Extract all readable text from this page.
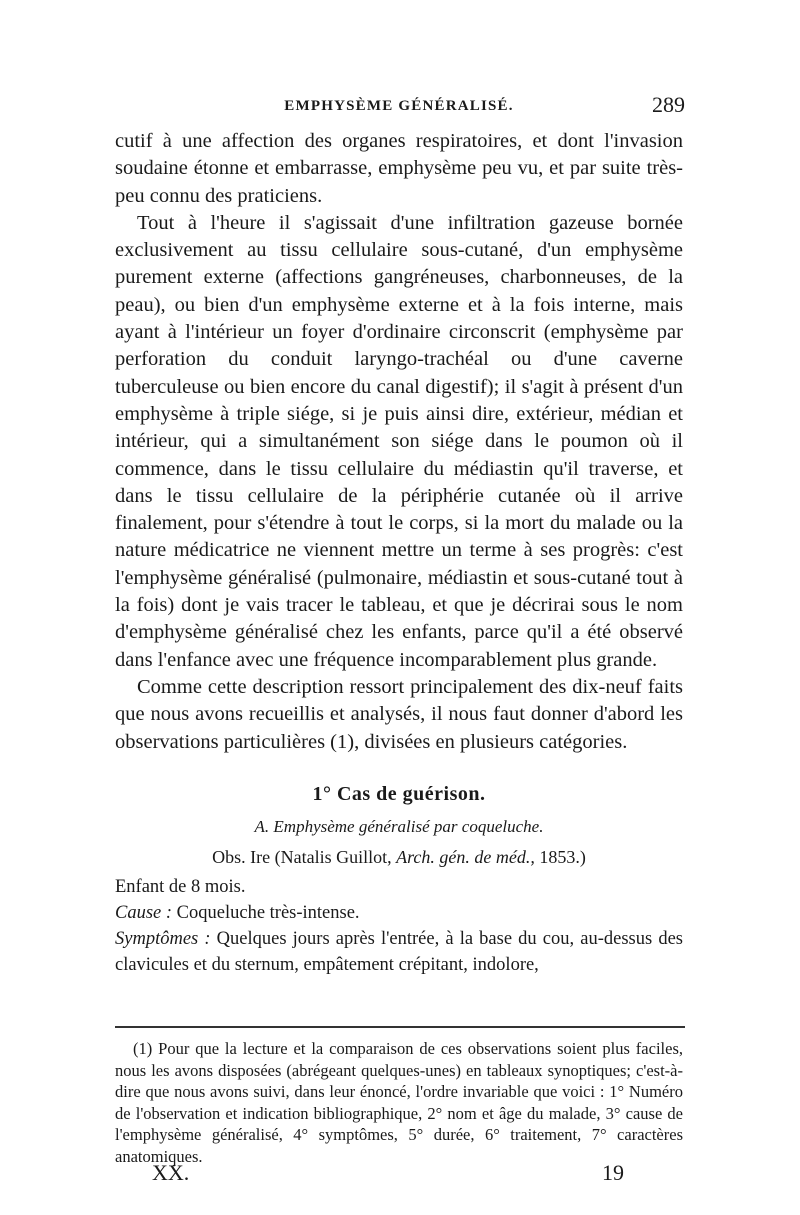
EMPHYSÈME GÉNÉRALISÉ.	289

cutif à une affection des organes respiratoires, et dont l'invasion soudaine étonne et embarrasse, emphysème peu vu, et par suite très-peu connu des praticiens.

Tout à l'heure il s'agissait d'une infiltration gazeuse bornée exclusivement au tissu cellulaire sous-cutané, d'un emphysème purement externe (affections gangréneuses, charbonneuses, de la peau), ou bien d'un emphysème externe et à la fois interne, mais ayant à l'intérieur un foyer d'ordinaire circonscrit (emphysème par perforation du conduit laryngo-trachéal ou d'une caverne tuberculeuse ou bien encore du canal digestif); il s'agit à présent d'un emphysème à triple siége, si je puis ainsi dire, extérieur, médian et intérieur, qui a simultanément son siége dans le poumon où il commence, dans le tissu cellulaire du médiastin qu'il traverse, et dans le tissu cellulaire de la périphérie cutanée où il arrive finalement, pour s'étendre à tout le corps, si la mort du malade ou la nature médicatrice ne viennent mettre un terme à ses progrès: c'est l'emphysème généralisé (pulmonaire, médiastin et sous-cutané tout à la fois) dont je vais tracer le tableau, et que je décrirai sous le nom d'emphysème généralisé chez les enfants, parce qu'il a été observé dans l'enfance avec une fréquence incomparablement plus grande.

Comme cette description ressort principalement des dix-neuf faits que nous avons recueillis et analysés, il nous faut donner d'abord les observations particulières (1), divisées en plusieurs catégories.

1° Cas de guérison.
A. Emphysème généralisé par coqueluche.
Obs. Ire (Natalis Guillot, Arch. gén. de méd., 1853.)

Enfant de 8 mois.

Cause : Coqueluche très-intense.

Symptômes : Quelques jours après l'entrée, à la base du cou, au-dessus des clavicules et du sternum, empâtement crépitant, indolore,

(1) Pour que la lecture et la comparaison de ces observations soient plus faciles, nous les avons disposées (abrégeant quelques-unes) en tableaux synoptiques; c'est-à-dire que nous avons suivi, dans leur énoncé, l'ordre invariable que voici : 1° Numéro de l'observation et indication bibliographique, 2° nom et âge du malade, 3° cause de l'emphysème généralisé, 4° symptômes, 5° durée, 6° traitement, 7° caractères anatomiques.

XX.	19
